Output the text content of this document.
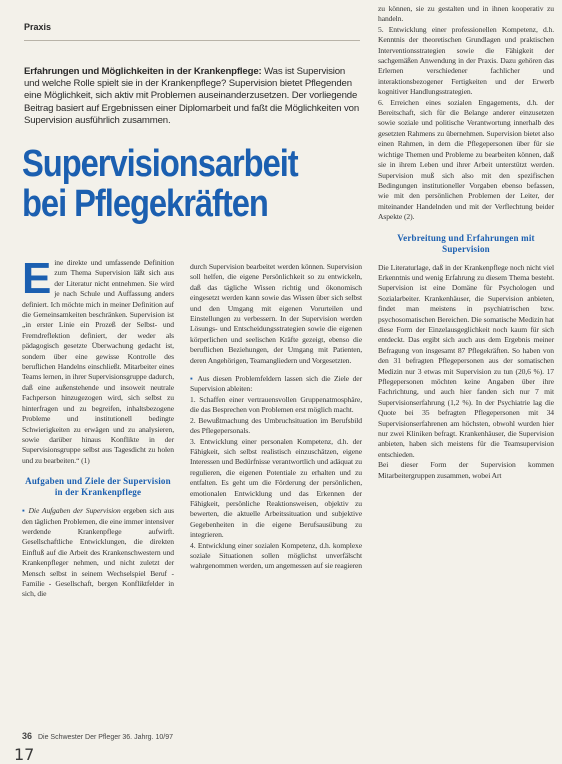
Praxis
Erfahrungen und Möglichkeiten in der Krankenpflege: Was ist Supervision und welche Rolle spielt sie in der Krankenpflege? Supervision bietet Pflegenden eine Möglichkeit, sich aktiv mit Problemen auseinanderzusetzen. Der vorliegende Beitrag basiert auf Ergebnissen einer Diplomarbeit und faßt die Möglichkeiten von Supervision ausführlich zusammen.
Supervisionsarbeit
bei Pflegekräften

Eine direkte und umfassende Definition zum Thema Supervision läßt sich aus der Literatur nicht entnehmen. Sie wird je nach Schule und Auffassung anders definiert. Ich möchte mich in meiner Definition auf die Gemeinsamkeiten beschränken. Supervision ist „in erster Linie ein Prozeß der Selbst- und Fremdreflektion definiert, der weder als pädagogisch gesetzte Überwachung gedacht ist, sondern über eine gewisse Kontrolle des beruflichen Handelns einschließt. Mitarbeiter eines Teams lernen, in ihrer Supervisionsgruppe dadurch, daß eine außenstehende und insoweit neutrale Fachperson hinzugezogen wird, sich selbst zu hinterfragen und zu begreifen, inhaltsbezogene Probleme und institutionell bedingte Schwierigkeiten zu erwägen und zu analysieren, sowie darüber hinaus Konflikte in der Supervisionsgruppe selbst aus Tagesdicht zu holen und zu bearbeiten.“ (1)

Aufgaben und Ziele der Supervision in der Krankenpflege

▪ Die Aufgaben der Supervision ergeben sich aus den täglichen Problemen, die eine immer intensiver werdende Krankenpflege aufwirft. Gesellschaftliche Entwicklungen, die direkten Einfluß auf die Arbeit des Krankenschwestern und Krankenpfleger nehmen, und nicht zuletzt der Mensch selbst in seinem Wechselspiel Beruf - Familie - Gesellschaft, bergen Konfliktfelder in sich, die

durch Supervision bearbeitet werden können. Supervision soll helfen, die eigene Persönlichkeit so zu entwickeln, daß das tägliche Wissen richtig und ökonomisch eingesetzt werden kann sowie das Wissen über sich selbst und den Umgang mit eigenen Vorurteilen und Einstellungen zu verbessern. In der Supervision werden Lösungs- und Entscheidungsstrategien sowie die eigenen körperlichen und seelischen Kräfte gezeigt, ebenso die beruflichen Beziehungen, der Umgang mit Patienten, deren Angehörigen, Teamangliedern und Vorgesetzten.

▪ Aus diesen Problemfeldern lassen sich die Ziele der Supervision ableiten:

1. Schaffen einer vertrauensvollen Gruppenatmosphäre, die das Besprechen von Problemen erst möglich macht.

2. Bewußtmachung des Umbruchsituation im Berufsbild des Pflegepersonals.

3. Entwicklung einer personalen Kompetenz, d.h. der Fähigkeit, sich selbst realistisch einzuschätzen, eigene Interessen und Bedürfnisse verantwortlich und adäquat zu regulieren, die eigenen Potentiale zu erhalten und zu entfalten. Es geht um die Förderung der persönlichen, emotionalen Entwicklung und das Erkennen der Fähigkeit, persönliche Reaktionsweisen, objektiv zu bewerten, die aktuelle Arbeitssituation und subjektive Gegebenheiten in die eigene Berufsausübung zu integrieren.

4. Entwicklung einer sozialen Kompetenz, d.h. komplexe soziale Situationen sollen möglichst unverfälscht wahrgenommen werden, um angemessen auf sie reagieren

zu können, sie zu gestalten und in ihnen kooperativ zu handeln.

5. Entwicklung einer professionellen Kompetenz, d.h. Kenntnis der theoretischen Grundlagen und praktischen Interventionsstrategien sowie die Fähigkeit der sachgemäßen Anwendung in der Praxis. Dazu gehören das Erlernen verschiedener fachlicher und interaktionsbezogener Fertigkeiten und der Erwerb kognitiver Handlungsstrategien.

6. Erreichen eines sozialen Engagements, d.h. der Bereitschaft, sich für die Belange anderer einzusetzen sowie soziale und politische Verantwortung innerhalb des gesetzten Rahmens zu übernehmen. Supervision bietet also einen Rahmen, in dem die Pflegepersonen über für sie wichtige Themen und Probleme zu bearbeiten können, daß sie in ihrem Leben und ihrer Arbeit unterstützt werden. Supervision muß sich also mit den spezifischen Bedingungen institutioneller Vorgaben ebenso befassen, wie mit den persönlichen Problemen der Leiter, der miteinander Handelnden und mit der Verflechtung beider Aspekte (2).

Verbreitung und Erfahrungen mit Supervision

Die Literaturlage, daß in der Krankenpflege noch nicht viel Erkenntnis und wenig Erfahrung zu diesem Thema besteht. Supervision ist eine Domäne für Psychologen und Sozialarbeiter. Krankenhäuser, die Supervision anbieten, findet man meistens in psychiatrischen bzw. psychosomatischen Bereichen. Die somatische Medizin hat diese Form der Einzelausgeglichkeit noch kaum für sich entdeckt. Das ergibt sich auch aus dem Ergebnis meiner Befragung von insgesamt 87 Pflegekräften. So haben von den 31 befragten Pflegepersonen aus der somatischen Medizin nur 3 etwas mit Supervision zu tun (20,6 %). 17 Pflegepersonen möchten keine Angaben über ihre Fachrichtung, und auch hier fanden sich nur 7 mit Supervisionserfahrung (1,2 %). In der Psychiatrie lag die Quote bei 35 befragten Pflegepersonen mit 34 Supervisionserfahrenen am höchsten, obwohl wurden hier nur zwei Kliniken befragt. Krankenhäuser, die Supervision anbieten, haben sich meistens für die Teamsupervision entschieden.

Bei dieser Form der Supervision kommen Mitarbeitergruppen zusammen, wobei Art

36 Die Schwester Der Pfleger 36. Jahrg. 10/97
17
